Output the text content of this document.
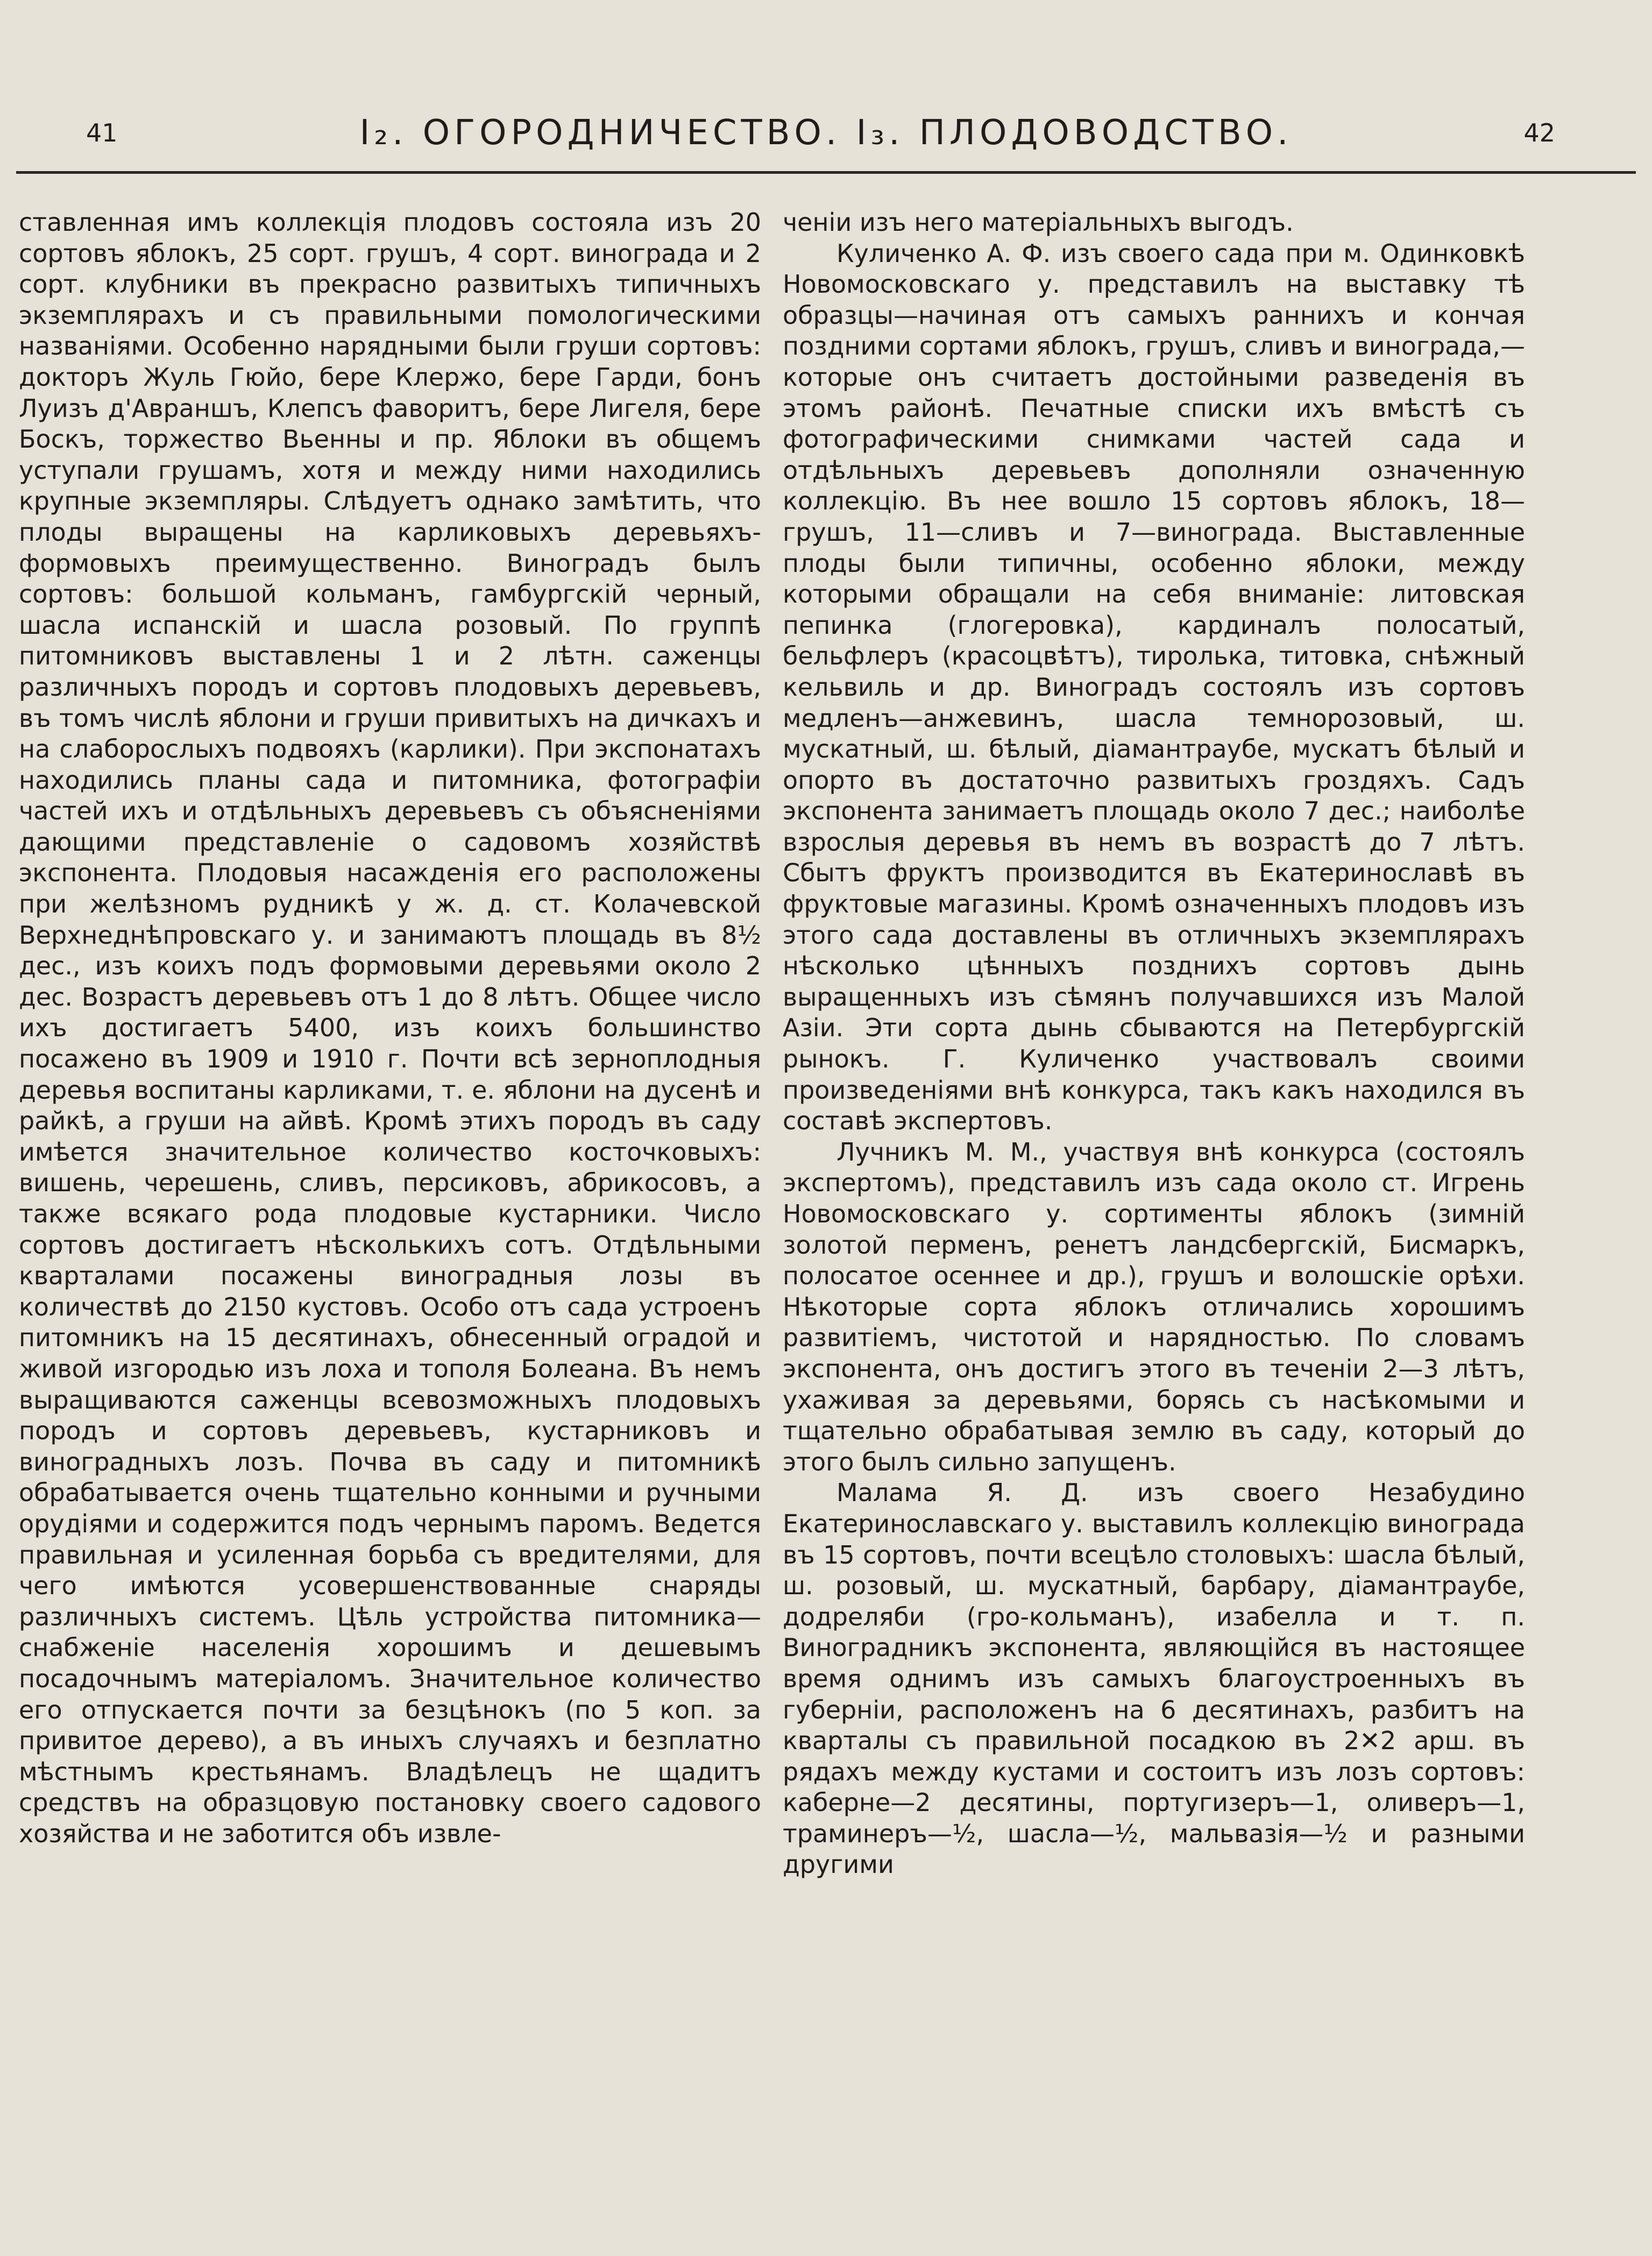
41	I₂. ОГОРОДНИЧЕСТВО. I₃. ПЛОДОВОДСТВО.	42

ставленная имъ коллекція плодовъ состояла изъ 20 сортовъ яблокъ, 25 сорт. грушъ, 4 сорт. винограда и 2 сорт. клубники въ прекрасно развитыхъ типичныхъ экземплярахъ и съ правильными помологическими названіями. Особенно нарядными были груши сортовъ: докторъ Жуль Гюйо, бере Клержо, бере Гарди, бонъ Луизъ д'Авраншъ, Клепсъ фаворитъ, бере Лигеля, бере Боскъ, торжество Вьенны и пр. Яблоки въ общемъ уступали грушамъ, хотя и между ними находились крупные экземпляры. Слѣдуетъ однако замѣтить, что плоды выращены на карликовыхъ деревьяхъ-формовыхъ преимущественно. Виноградъ былъ сортовъ: большой кольманъ, гамбургскій черный, шасла испанскій и шасла розовый. По группѣ питомниковъ выставлены 1 и 2 лѣтн. саженцы различныхъ породъ и сортовъ плодовыхъ деревьевъ, въ томъ числѣ яблони и груши привитыхъ на дичкахъ и на слаборослыхъ подвояхъ (карлики). При экспонатахъ находились планы сада и питомника, фотографіи частей ихъ и отдѣльныхъ деревьевъ съ объясненіями дающими представленіе о садовомъ хозяйствѣ экспонента. Плодовыя насажденія его расположены при желѣзномъ рудникѣ у ж. д. ст. Колачевской Верхнеднѣпровскаго у. и занимаютъ площадь въ 8½ дес., изъ коихъ подъ формовыми деревьями около 2 дес. Возрастъ деревьевъ отъ 1 до 8 лѣтъ. Общее число ихъ достигаетъ 5400, изъ коихъ большинство посажено въ 1909 и 1910 г. Почти всѣ зерноплодныя деревья воспитаны карликами, т. е. яблони на дусенѣ и райкѣ, а груши на айвѣ. Кромѣ этихъ породъ въ саду имѣется значительное количество косточковыхъ: вишень, черешень, сливъ, персиковъ, абрикосовъ, а также всякаго рода плодовые кустарники. Число сортовъ достигаетъ нѣсколькихъ сотъ. Отдѣльными кварталами посажены виноградныя лозы въ количествѣ до 2150 кустовъ. Особо отъ сада устроенъ питомникъ на 15 десятинахъ, обнесенный оградой и живой изгородью изъ лоха и тополя Болеана. Въ немъ выращиваются саженцы всевозможныхъ плодовыхъ породъ и сортовъ деревьевъ, кустарниковъ и виноградныхъ лозъ. Почва въ саду и питомникѣ обрабатывается очень тщательно конными и ручными орудіями и содержится подъ чернымъ паромъ. Ведется правильная и усиленная борьба съ вредителями, для чего имѣются усовершенствованные снаряды различныхъ системъ. Цѣль устройства питомника—снабженіе населенія хорошимъ и дешевымъ посадочнымъ матеріаломъ. Значительное количество его отпускается почти за безцѣнокъ (по 5 коп. за привитое дерево), а въ иныхъ случаяхъ и безплатно мѣстнымъ крестьянамъ. Владѣлецъ не щадитъ средствъ на образцовую постановку своего садового хозяйства и не заботится объ извле-

ченіи изъ него матеріальныхъ выгодъ.

Куличенко А. Ф. изъ своего сада при м. Одинковкѣ Новомосковскаго у. представилъ на выставку тѣ образцы—начиная отъ самыхъ раннихъ и кончая поздними сортами яблокъ, грушъ, сливъ и винограда,—которые онъ считаетъ достойными разведенія въ этомъ районѣ. Печатные списки ихъ вмѣстѣ съ фотографическими снимками частей сада и отдѣльныхъ деревьевъ дополняли означенную коллекцію. Въ нее вошло 15 сортовъ яблокъ, 18—грушъ, 11—сливъ и 7—винограда. Выставленные плоды были типичны, особенно яблоки, между которыми обращали на себя вниманіе: литовская пепинка (глогеровка), кардиналъ полосатый, бельфлеръ (красоцвѣтъ), тиролька, титовка, снѣжный кельвиль и др. Виноградъ состоялъ изъ сортовъ медленъ—анжевинъ, шасла темнорозовый, ш. мускатный, ш. бѣлый, діамантраубе, мускатъ бѣлый и опорто въ достаточно развитыхъ гроздяхъ. Садъ экспонента занимаетъ площадь около 7 дес.; наиболѣе взрослыя деревья въ немъ въ возрастѣ до 7 лѣтъ. Сбытъ фруктъ производится въ Екатеринославѣ въ фруктовые магазины. Кромѣ означенныхъ плодовъ изъ этого сада доставлены въ отличныхъ экземплярахъ нѣсколько цѣнныхъ позднихъ сортовъ дынь выращенныхъ изъ сѣмянъ получавшихся изъ Малой Азіи. Эти сорта дынь сбываются на Петербургскій рынокъ. Г. Куличенко участвовалъ своими произведеніями внѣ конкурса, такъ какъ находился въ составѣ экспертовъ.

Лучникъ М. М., участвуя внѣ конкурса (состоялъ экспертомъ), представилъ изъ сада около ст. Игрень Новомосковскаго у. сортименты яблокъ (зимній золотой перменъ, ренетъ ландсбергскій, Бисмаркъ, полосатое осеннее и др.), грушъ и волошскіе орѣхи. Нѣкоторые сорта яблокъ отличались хорошимъ развитіемъ, чистотой и нарядностью. По словамъ экспонента, онъ достигъ этого въ теченіи 2—3 лѣтъ, ухаживая за деревьями, борясь съ насѣкомыми и тщательно обрабатывая землю въ саду, который до этого былъ сильно запущенъ.

Малама Я. Д. изъ своего Незабудино Екатеринославскаго у. выставилъ коллекцію винограда въ 15 сортовъ, почти всецѣло столовыхъ: шасла бѣлый, ш. розовый, ш. мускатный, барбару, діамантраубе, додреляби (гро-кольманъ), изабелла и т. п. Виноградникъ экспонента, являющійся въ настоящее время однимъ изъ самыхъ благоустроенныхъ въ губерніи, расположенъ на 6 десятинахъ, разбитъ на кварталы съ правильной посадкою въ 2✕2 арш. въ рядахъ между кустами и состоитъ изъ лозъ сортовъ: каберне—2 десятины, португизеръ—1, оливеръ—1, траминеръ—½, шасла—½, мальвазія—½ и разными другими
